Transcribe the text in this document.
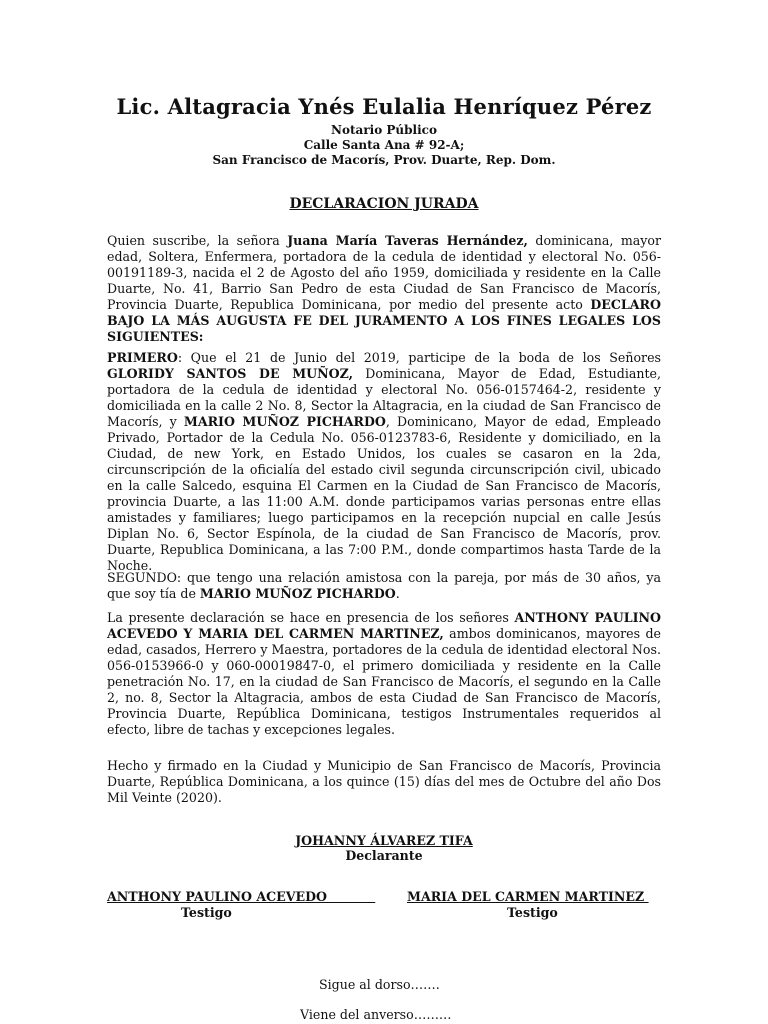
Lic. Altagracia Ynés Eulalia Henríquez Pérez
Notario Público
Calle Santa Ana # 92-A;
San Francisco de Macorís, Prov. Duarte, Rep. Dom.
DECLARACION JURADA
Quien suscribe, la señora Juana María Taveras Hernández, dominicana, mayor edad, Soltera, Enfermera, portadora de la cedula de identidad y electoral No. 056-00191189-3, nacida el 2 de Agosto del año 1959, domiciliada y residente en la Calle Duarte, No. 41, Barrio San Pedro de esta Ciudad de San Francisco de Macorís, Provincia Duarte, Republica Dominicana, por medio del presente acto DECLARO BAJO LA MÁS AUGUSTA FE DEL JURAMENTO A LOS FINES LEGALES LOS SIGUIENTES:
PRIMERO: Que el 21 de Junio del 2019, participe de la boda de los Señores GLORIDY SANTOS DE MUÑOZ, Dominicana, Mayor de Edad, Estudiante, portadora de la cedula de identidad y electoral No. 056-0157464-2, residente y domiciliada en la calle 2 No. 8, Sector la Altagracia, en la ciudad de San Francisco de Macorís, y MARIO MUÑOZ PICHARDO, Dominicano, Mayor de edad, Empleado Privado, Portador de la Cedula No. 056-0123783-6, Residente y domiciliado, en la Ciudad, de new York, en Estado Unidos, los cuales se casaron en la 2da, circunscripción de la oficialía del estado civil segunda circunscripción civil, ubicado en la calle Salcedo, esquina El Carmen en la Ciudad de San Francisco de Macorís, provincia Duarte, a las 11:00 A.M. donde participamos varias personas entre ellas amistades y familiares; luego participamos en la recepción nupcial en calle Jesús Diplan No. 6, Sector Espínola, de la ciudad de San Francisco de Macorís, prov. Duarte, Republica Dominicana, a las 7:00 P.M., donde compartimos hasta Tarde de la Noche.
SEGUNDO: que tengo una relación amistosa con la pareja, por más de 30 años, ya que soy tía de MARIO MUÑOZ PICHARDO.
La presente declaración se hace en presencia de los señores ANTHONY PAULINO ACEVEDO Y MARIA DEL CARMEN MARTINEZ, ambos dominicanos, mayores de edad, casados, Herrero y Maestra, portadores de la cedula de identidad electoral Nos. 056-0153966-0 y 060-00019847-0, el primero domiciliada y residente en la Calle penetración No. 17, en la ciudad de San Francisco de Macorís, el segundo en la Calle 2, no. 8, Sector la Altagracia, ambos de esta Ciudad de San Francisco de Macorís, Provincia Duarte, República Dominicana, testigos Instrumentales requeridos al efecto, libre de tachas y excepciones legales.
Hecho y firmado en la Ciudad y Municipio de San Francisco de Macorís, Provincia Duarte, República Dominicana, a los quince (15) días del mes de Octubre del año Dos Mil Veinte (2020).
JOHANNY ÁLVAREZ TIFA
Declarante
ANTHONY PAULINO ACEVEDO
Testigo
MARIA DEL CARMEN MARTINEZ
Testigo
Sigue al dorso…….
Viene del anverso………
